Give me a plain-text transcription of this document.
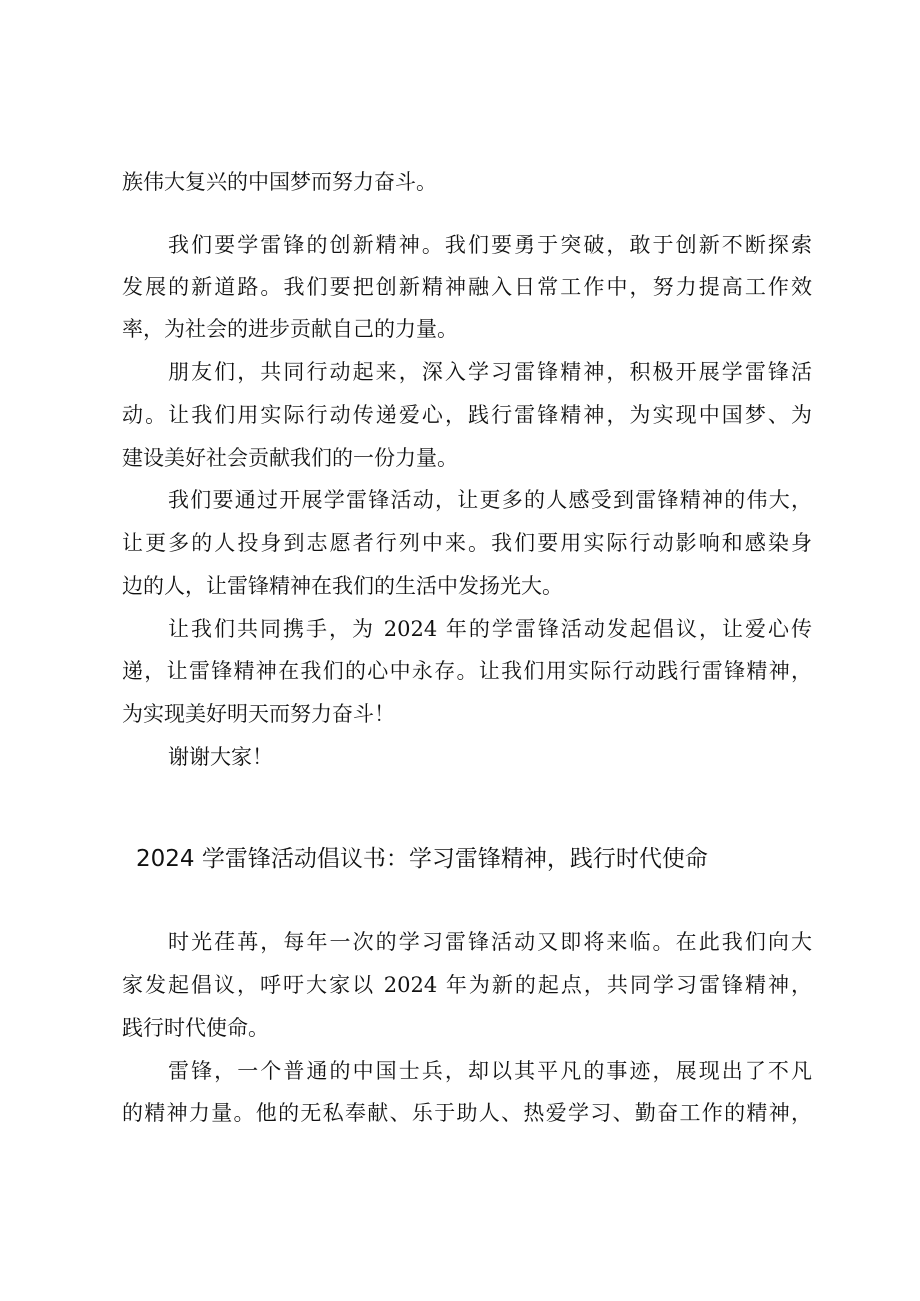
族伟大复兴的中国梦而努力奋斗。
我们要学雷锋的创新精神。我们要勇于突破，敢于创新不断探索
发展的新道路。我们要把创新精神融入日常工作中，努力提高工作效
率，为社会的进步贡献自己的力量。
朋友们，共同行动起来，深入学习雷锋精神，积极开展学雷锋活
动。让我们用实际行动传递爱心，践行雷锋精神，为实现中国梦、为
建设美好社会贡献我们的一份力量。
我们要通过开展学雷锋活动，让更多的人感受到雷锋精神的伟大，
让更多的人投身到志愿者行列中来。我们要用实际行动影响和感染身
边的人，让雷锋精神在我们的生活中发扬光大。
让我们共同携手，为 2024 年的学雷锋活动发起倡议，让爱心传
递，让雷锋精神在我们的心中永存。让我们用实际行动践行雷锋精神，
为实现美好明天而努力奋斗！
谢谢大家！
2024 学雷锋活动倡议书：学习雷锋精神，践行时代使命
时光荏苒，每年一次的学习雷锋活动又即将来临。在此我们向大
家发起倡议，呼吁大家以 2024 年为新的起点，共同学习雷锋精神，
践行时代使命。
雷锋，一个普通的中国士兵，却以其平凡的事迹，展现出了不凡
的精神力量。他的无私奉献、乐于助人、热爱学习、勤奋工作的精神，
